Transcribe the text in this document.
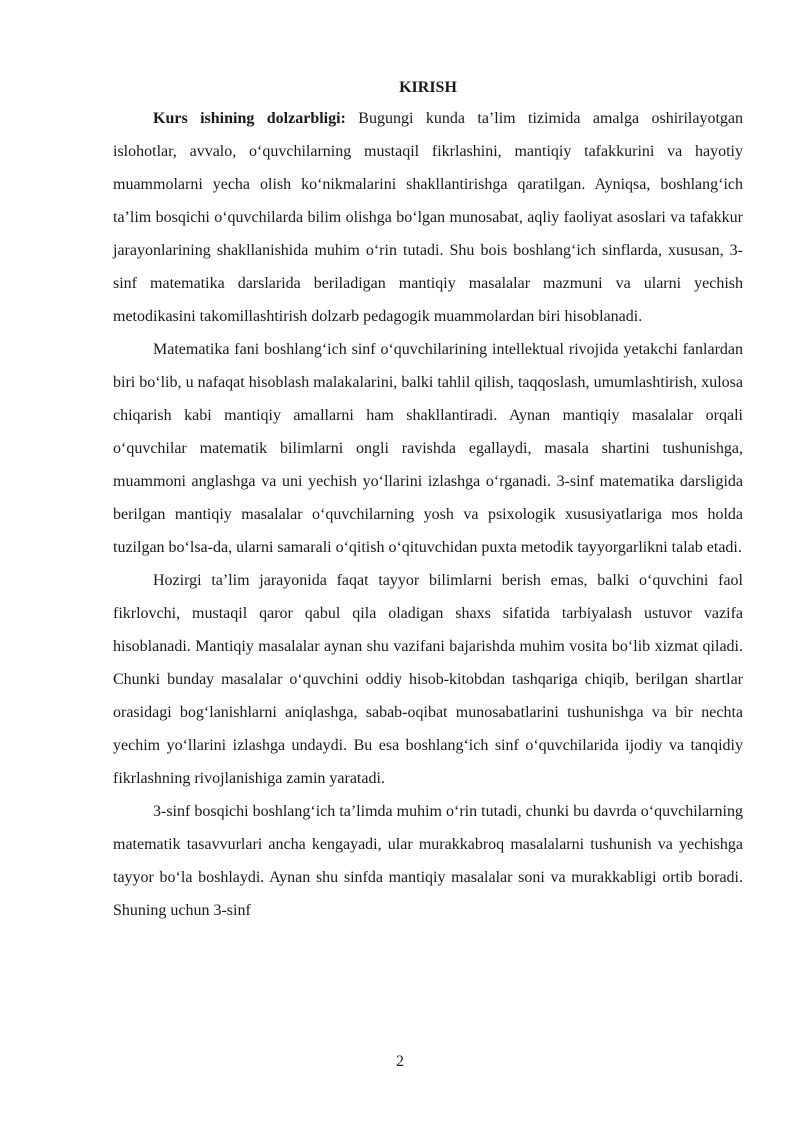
KIRISH

Kurs ishining dolzarbligi: Bugungi kunda ta’lim tizimida amalga oshirilayotgan islohotlar, avvalo, o‘quvchilarning mustaqil fikrlashini, mantiqiy tafakkurini va hayotiy muammolarni yecha olish ko‘nikmalarini shakllantirishga qaratilgan. Ayniqsa, boshlang‘ich ta’lim bosqichi o‘quvchilarda bilim olishga bo‘lgan munosabat, aqliy faoliyat asoslari va tafakkur jarayonlarining shakllanishida muhim o‘rin tutadi. Shu bois boshlang‘ich sinflarda, xususan, 3-sinf matematika darslarida beriladigan mantiqiy masalalar mazmuni va ularni yechish metodikasini takomillashtirish dolzarb pedagogik muammolardan biri hisoblanadi.

Matematika fani boshlang‘ich sinf o‘quvchilarining intellektual rivojida yetakchi fanlardan biri bo‘lib, u nafaqat hisoblash malakalarini, balki tahlil qilish, taqqoslash, umumlashtirish, xulosa chiqarish kabi mantiqiy amallarni ham shakllantiradi. Aynan mantiqiy masalalar orqali o‘quvchilar matematik bilimlarni ongli ravishda egallaydi, masala shartini tushunishga, muammoni anglashga va uni yechish yo‘llarini izlashga o‘rganadi. 3-sinf matematika darsligida berilgan mantiqiy masalalar o‘quvchilarning yosh va psixologik xususiyatlariga mos holda tuzilgan bo‘lsa-da, ularni samarali o‘qitish o‘qituvchidan puxta metodik tayyorgarlikni talab etadi.

Hozirgi ta’lim jarayonida faqat tayyor bilimlarni berish emas, balki o‘quvchini faol fikrlovchi, mustaqil qaror qabul qila oladigan shaxs sifatida tarbiyalash ustuvor vazifa hisoblanadi. Mantiqiy masalalar aynan shu vazifani bajarishda muhim vosita bo‘lib xizmat qiladi. Chunki bunday masalalar o‘quvchini oddiy hisob-kitobdan tashqariga chiqib, berilgan shartlar orasidagi bog‘lanishlarni aniqlashga, sabab-oqibat munosabatlarini tushunishga va bir nechta yechim yo‘llarini izlashga undaydi. Bu esa boshlang‘ich sinf o‘quvchilarida ijodiy va tanqidiy fikrlashning rivojlanishiga zamin yaratadi.

3-sinf bosqichi boshlang‘ich ta’limda muhim o‘rin tutadi, chunki bu davrda o‘quvchilarning matematik tasavvurlari ancha kengayadi, ular murakkabroq masalalarni tushunish va yechishga tayyor bo‘la boshlaydi. Aynan shu sinfda mantiqiy masalalar soni va murakkabligi ortib boradi. Shuning uchun 3-sinf

2
